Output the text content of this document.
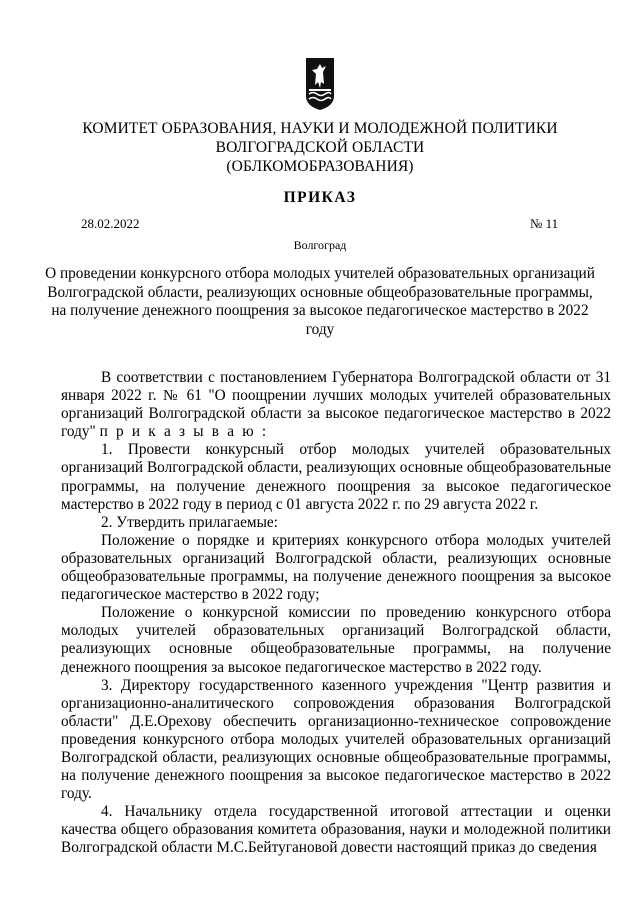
КОМИТЕТ ОБРАЗОВАНИЯ, НАУКИ И МОЛОДЕЖНОЙ ПОЛИТИКИ
ВОЛГОГРАДСКОЙ ОБЛАСТИ
(ОБЛКОМОБРАЗОВАНИЯ)
ПРИКАЗ
28.02.2022	№ 11
Волгоград
О проведении конкурсного отбора молодых учителей образовательных организаций Волгоградской области, реализующих основные общеобразовательные программы, на получение денежного поощрения за высокое педагогическое мастерство в 2022 году

В соответствии с постановлением Губернатора Волгоградской области от 31 января 2022 г. № 61 "О поощрении лучших молодых учителей образовательных организаций Волгоградской области за высокое педагогическое мастерство в 2022 году" п р и к а з ы в а ю :

1. Провести конкурсный отбор молодых учителей образовательных организаций Волгоградской области, реализующих основные общеобразовательные программы, на получение денежного поощрения за высокое педагогическое мастерство в 2022 году в период с 01 августа 2022 г. по 29 августа 2022 г.

2. Утвердить прилагаемые:

Положение о порядке и критериях конкурсного отбора молодых учителей образовательных организаций Волгоградской области, реализующих основные общеобразовательные программы, на получение денежного поощрения за высокое педагогическое мастерство в 2022 году;

Положение о конкурсной комиссии по проведению конкурсного отбора молодых учителей образовательных организаций Волгоградской области, реализующих основные общеобразовательные программы, на получение денежного поощрения за высокое педагогическое мастерство в 2022 году.

3. Директору государственного казенного учреждения "Центр развития и организационно-аналитического сопровождения образования Волгоградской области" Д.Е.Орехову обеспечить организационно-техническое сопровождение проведения конкурсного отбора молодых учителей образовательных организаций Волгоградской области, реализующих основные общеобразовательные программы, на получение денежного поощрения за высокое педагогическое мастерство в 2022 году.

4. Начальнику отдела государственной итоговой аттестации и оценки качества общего образования комитета образования, науки и молодежной политики Волгоградской области М.С.Бейтугановой довести настоящий приказ до сведения
